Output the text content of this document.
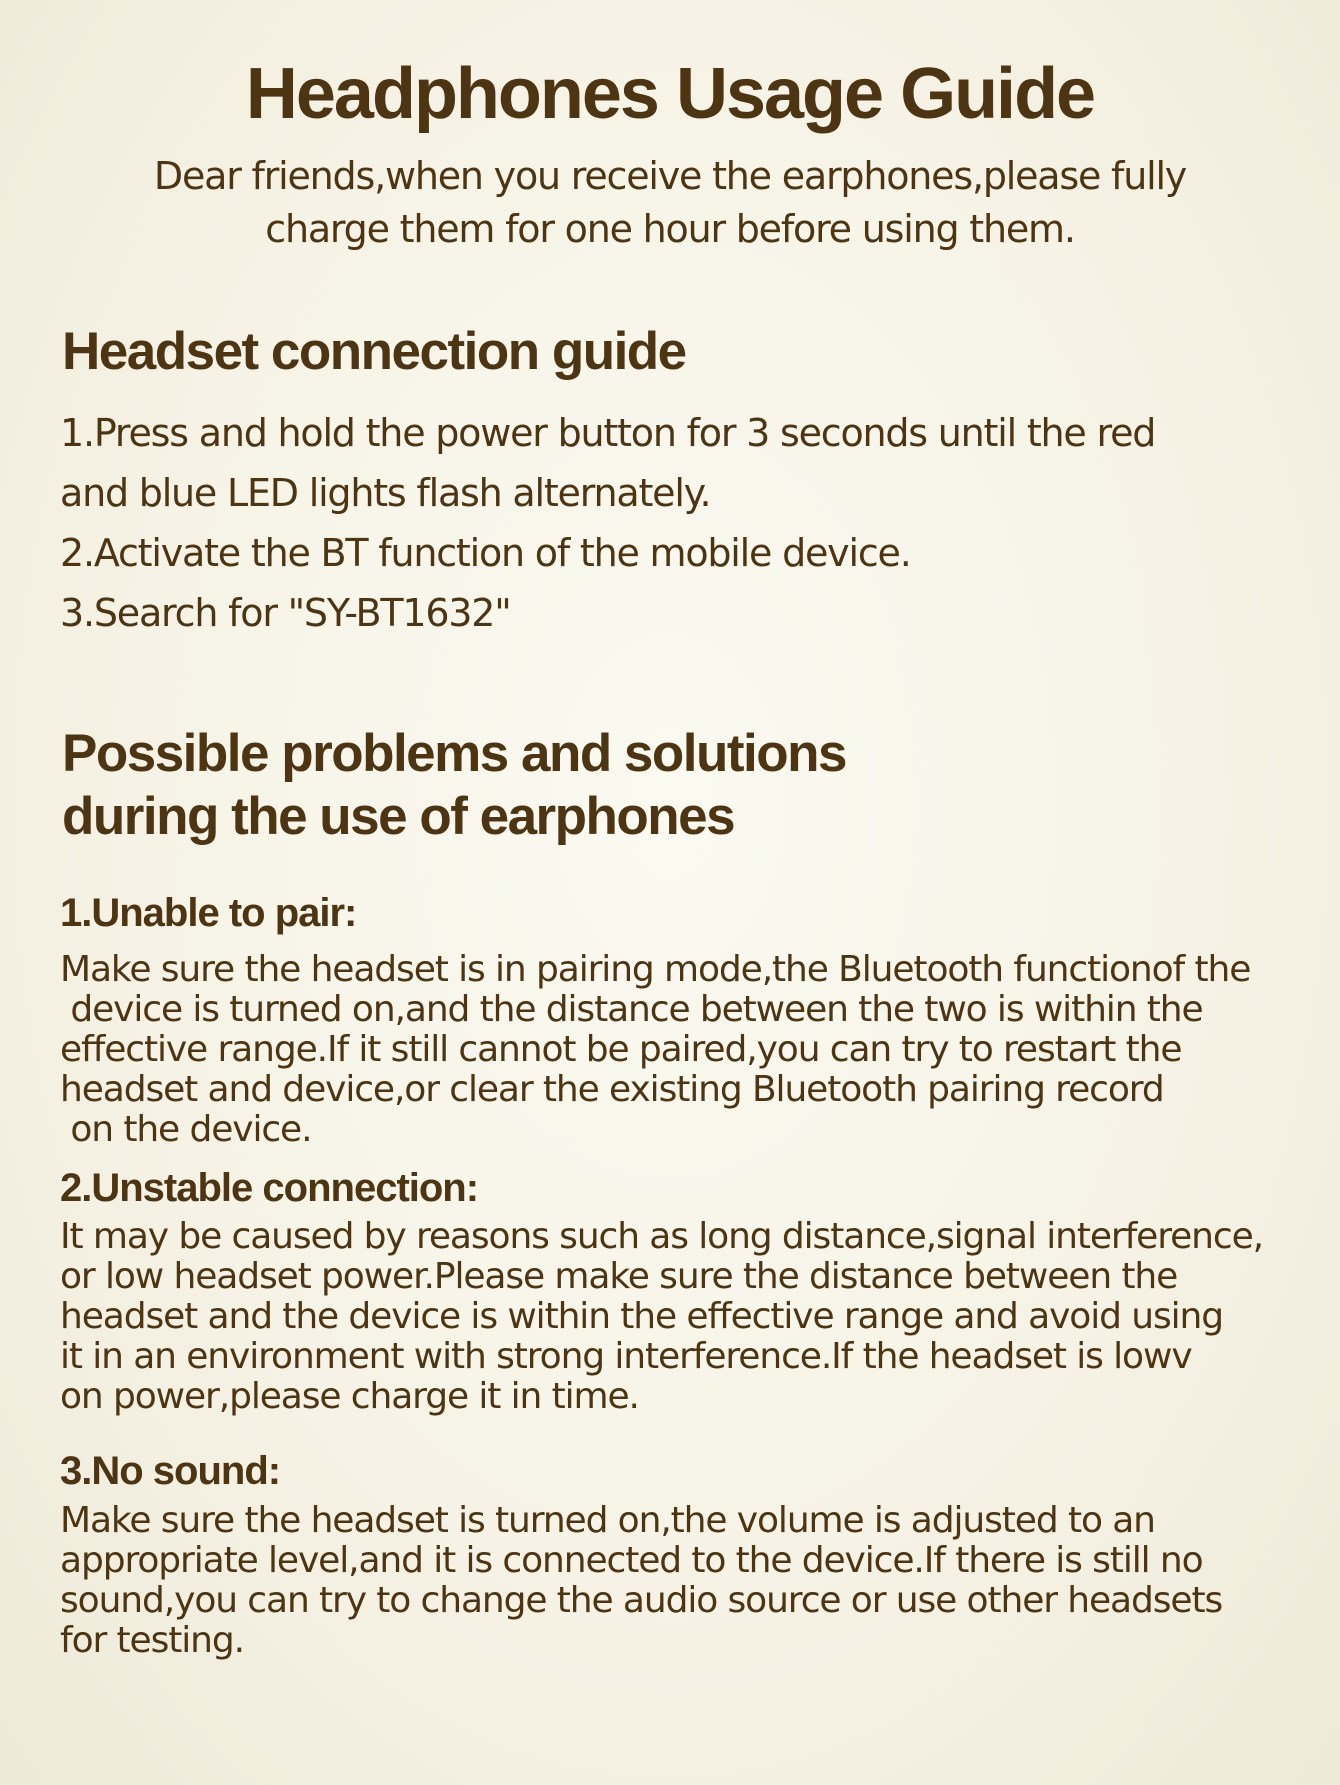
Headphones Usage Guide
Dear friends,when you receive the earphones,please fully
charge them for one hour before using them.
Headset connection guide

1.Press and hold the power button for 3 seconds until the red

and blue LED lights flash alternately.

2.Activate the BT function of the mobile device.

3.Search for "SY-BT1632"

Possible problems and solutions
during the use of earphones
1.Unable to pair:
Make sure the headset is in pairing mode,the Bluetooth functionof the
device is turned on,and the distance between the two is within the
effective range.If it still cannot be paired,you can try to restart the
headset and device,or clear the existing Bluetooth pairing record
on the device.
2.Unstable connection:
It may be caused by reasons such as long distance,signal interference,
or low headset power.Please make sure the distance between the
headset and the device is within the effective range and avoid using
it in an environment with strong interference.If the headset is lowv
on power,please charge it in time.
3.No sound:
Make sure the headset is turned on,the volume is adjusted to an
appropriate level,and it is connected to the device.If there is still no
sound,you can try to change the audio source or use other headsets
for testing.
